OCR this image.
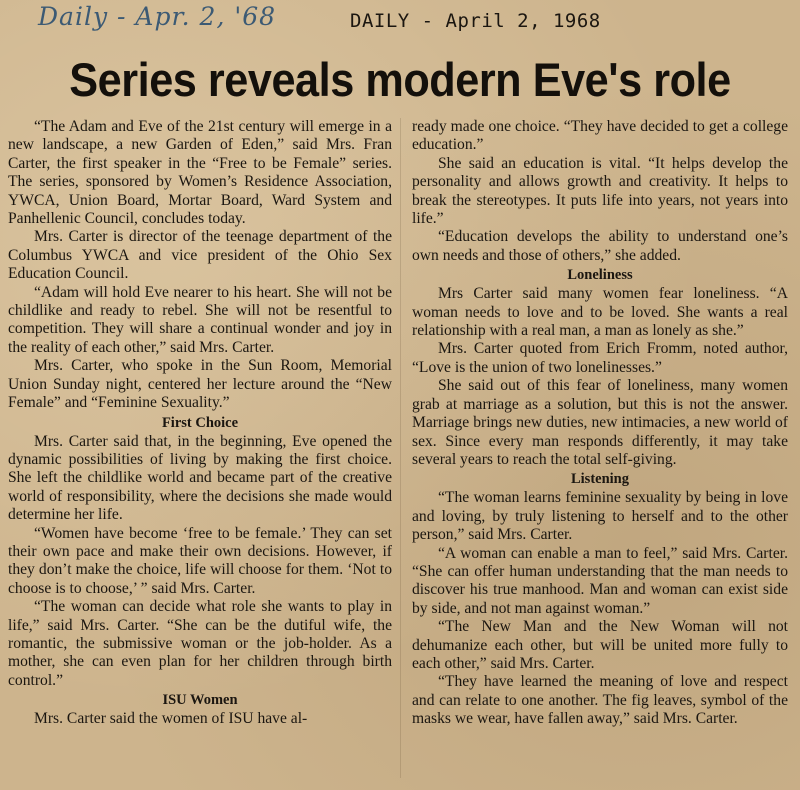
Daily - Apr. 2, '68	DAILY - April 2, 1968
Series reveals modern Eve's role

“The Adam and Eve of the 21st century will emerge in a new landscape, a new Garden of Eden,” said Mrs. Fran Carter, the first speaker in the “Free to be Female” series. The series, sponsored by Women’s Residence Association, YWCA, Union Board, Mortar Board, Ward System and Panhellenic Council, concludes today.

Mrs. Carter is director of the teenage department of the Columbus YWCA and vice president of the Ohio Sex Education Council.

“Adam will hold Eve nearer to his heart. She will not be childlike and ready to rebel. She will not be resentful to competition. They will share a continual wonder and joy in the reality of each other,” said Mrs. Carter.

Mrs. Carter, who spoke in the Sun Room, Memorial Union Sunday night, centered her lecture around the “New Female” and “Feminine Sexuality.”

First Choice

Mrs. Carter said that, in the beginning, Eve opened the dynamic possibilities of living by making the first choice. She left the childlike world and became part of the creative world of responsibility, where the decisions she made would determine her life.

“Women have become ‘free to be female.’ They can set their own pace and make their own decisions. However, if they don’t make the choice, life will choose for them. ‘Not to choose is to choose,’ ” said Mrs. Carter.

“The woman can decide what role she wants to play in life,” said Mrs. Carter. “She can be the dutiful wife, the romantic, the submissive woman or the job-holder. As a mother, she can even plan for her children through birth control.”

ISU Women

Mrs. Carter said the women of ISU have al-

ready made one choice. “They have decided to get a college education.”

She said an education is vital. “It helps develop the personality and allows growth and creativity. It helps to break the stereotypes. It puts life into years, not years into life.”

“Education develops the ability to understand one’s own needs and those of others,” she added.

Loneliness

Mrs Carter said many women fear loneliness. “A woman needs to love and to be loved. She wants a real relationship with a real man, a man as lonely as she.”

Mrs. Carter quoted from Erich Fromm, noted author, “Love is the union of two lonelinesses.”

She said out of this fear of loneliness, many women grab at marriage as a solution, but this is not the answer. Marriage brings new duties, new intimacies, a new world of sex. Since every man responds differently, it may take several years to reach the total self-giving.

Listening

“The woman learns feminine sexuality by being in love and loving, by truly listening to herself and to the other person,” said Mrs. Carter.

“A woman can enable a man to feel,” said Mrs. Carter. “She can offer human understanding that the man needs to discover his true manhood. Man and woman can exist side by side, and not man against woman.”

“The New Man and the New Woman will not dehumanize each other, but will be united more fully to each other,” said Mrs. Carter.

“They have learned the meaning of love and respect and can relate to one another. The fig leaves, symbol of the masks we wear, have fallen away,” said Mrs. Carter.
